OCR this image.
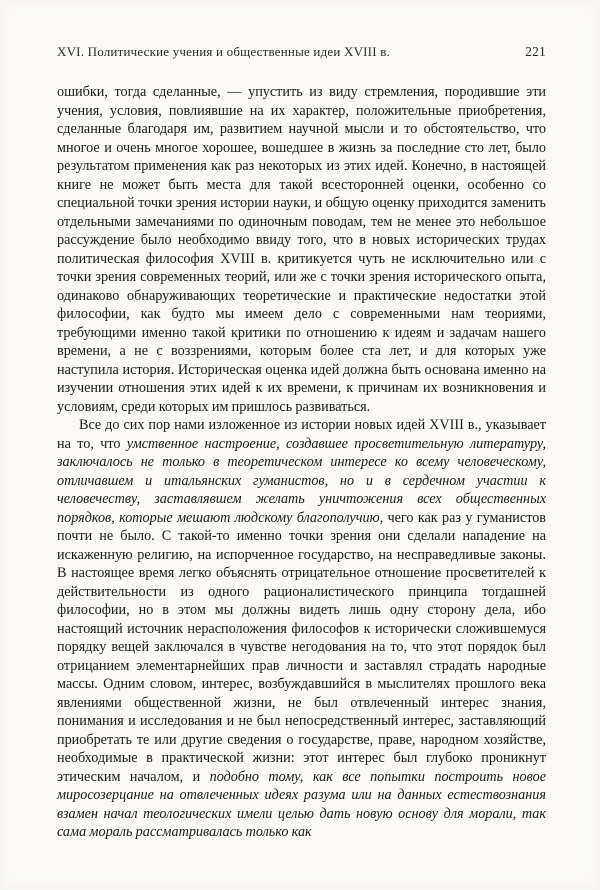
XVI. Политические учения и общественные идеи XVIII в.	221

ошибки, тогда сделанные, — упустить из виду стремления, породившие эти учения, условия, повлиявшие на их характер, положительные приобретения, сделанные благодаря им, развитием научной мысли и то обстоятельство, что многое и очень многое хорошее, вошедшее в жизнь за последние сто лет, было результатом применения как раз некоторых из этих идей. Конечно, в настоящей книге не может быть места для такой всесторонней оценки, особенно со специальной точки зрения истории науки, и общую оценку приходится заменить отдельными замечаниями по одиночным поводам, тем не менее это небольшое рассуждение было необходимо ввиду того, что в новых исторических трудах политическая философия XVIII в. критикуется чуть не исключительно или с точки зрения современных теорий, или же с точки зрения исторического опыта, одинаково обнаруживающих теоретические и практические недостатки этой философии, как будто мы имеем дело с современными нам теориями, требующими именно такой критики по отношению к идеям и задачам нашего времени, а не с воззрениями, которым более ста лет, и для которых уже наступила история. Историческая оценка идей должна быть основана именно на изучении отношения этих идей к их времени, к причинам их возникновения и условиям, среди которых им пришлось развиваться.

Все до сих пор нами изложенное из истории новых идей XVIII в., указывает на то, что умственное настроение, создавшее просветительную литературу, заключалось не только в теоретическом интересе ко всему человеческому, отличавшем и итальянских гуманистов, но и в сердечном участии к человечеству, заставлявшем желать уничтожения всех общественных порядков, которые мешают людскому благополучию, чего как раз у гуманистов почти не было. С такой-то именно точки зрения они сделали нападение на искаженную религию, на испорченное государство, на несправедливые законы. В настоящее время легко объяснять отрицательное отношение просветителей к действительности из одного рационалистического принципа тогдашней философии, но в этом мы должны видеть лишь одну сторону дела, ибо настоящий источник нерасположения философов к исторически сложившемуся порядку вещей заключался в чувстве негодования на то, что этот порядок был отрицанием элементарнейших прав личности и заставлял страдать народные массы. Одним словом, интерес, возбуждавшийся в мыслителях прошлого века явлениями общественной жизни, не был отвлеченный интерес знания, понимания и исследования и не был непосредственный интерес, заставляющий приобретать те или другие сведения о государстве, праве, народном хозяйстве, необходимые в практической жизни: этот интерес был глубоко проникнут этическим началом, и подобно тому, как все попытки построить новое миросозерцание на отвлеченных идеях разума или на данных естествознания взамен начал теологических имели целью дать новую основу для морали, так сама мораль рассматривалась только как
